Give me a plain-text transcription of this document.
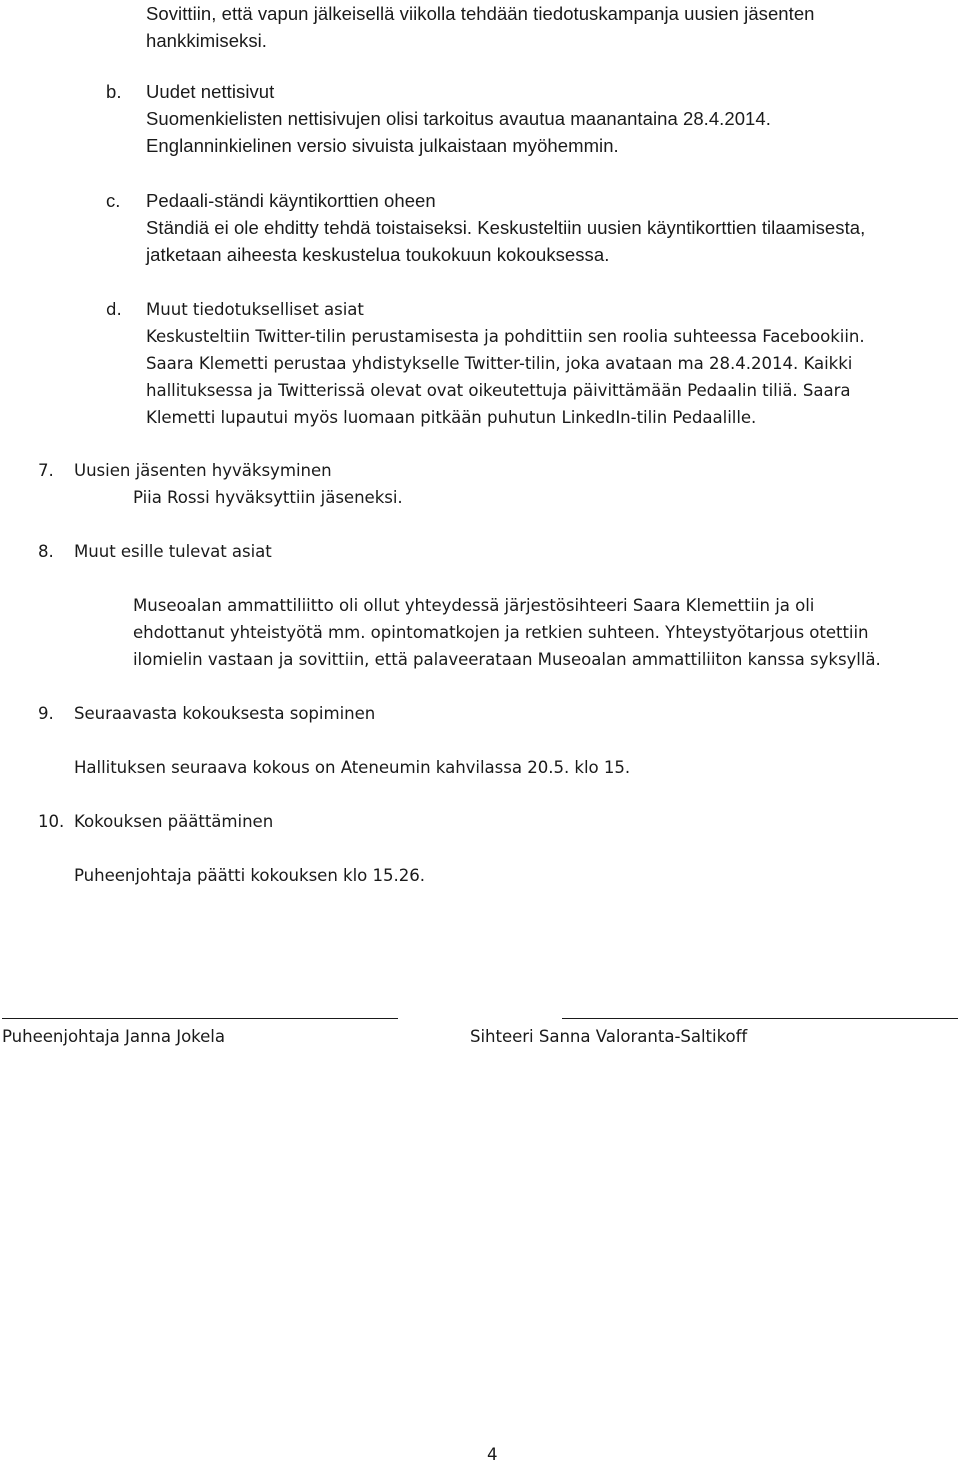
Sovittiin, että vapun jälkeisellä viikolla tehdään tiedotuskampanja uusien jäsenten
hankkimiseksi.
b. Uudet nettisivut
Suomenkielisten nettisivujen olisi tarkoitus avautua maanantaina 28.4.2014.
Englanninkielinen versio sivuista julkaistaan myöhemmin.
c. Pedaali-ständi käyntikorttien oheen
Ständiä ei ole ehditty tehdä toistaiseksi. Keskusteltiin uusien käyntikorttien tilaamisesta,
jatketaan aiheesta keskustelua toukokuun kokouksessa.
d. Muut tiedotukselliset asiat
Keskusteltiin Twitter-tilin perustamisesta ja pohdittiin sen roolia suhteessa Facebookiin.
Saara Klemetti perustaa yhdistykselle Twitter-tilin, joka avataan ma 28.4.2014. Kaikki
hallituksessa ja Twitterissä olevat ovat oikeutettuja päivittämään Pedaalin tiliä. Saara
Klemetti lupautui myös luomaan pitkään puhutun LinkedIn-tilin Pedaalille.
7. Uusien jäsenten hyväksyminen
Piia Rossi hyväksyttiin jäseneksi.
8. Muut esille tulevat asiat
Museoalan ammattiliitto oli ollut yhteydessä järjestösihteeri Saara Klemettiin ja oli
ehdottanut yhteistyötä mm. opintomatkojen ja retkien suhteen. Yhteystyötarjous otettiin
ilomielin vastaan ja sovittiin, että palaveerataan Museoalan ammattiliiton kanssa syksyllä.
9. Seuraavasta kokouksesta sopiminen
Hallituksen seuraava kokous on Ateneumin kahvilassa 20.5. klo 15.
10. Kokouksen päättäminen
Puheenjohtaja päätti kokouksen klo 15.26.
Puheenjohtaja Janna Jokela	Sihteeri Sanna Valoranta-Saltikoff
4
